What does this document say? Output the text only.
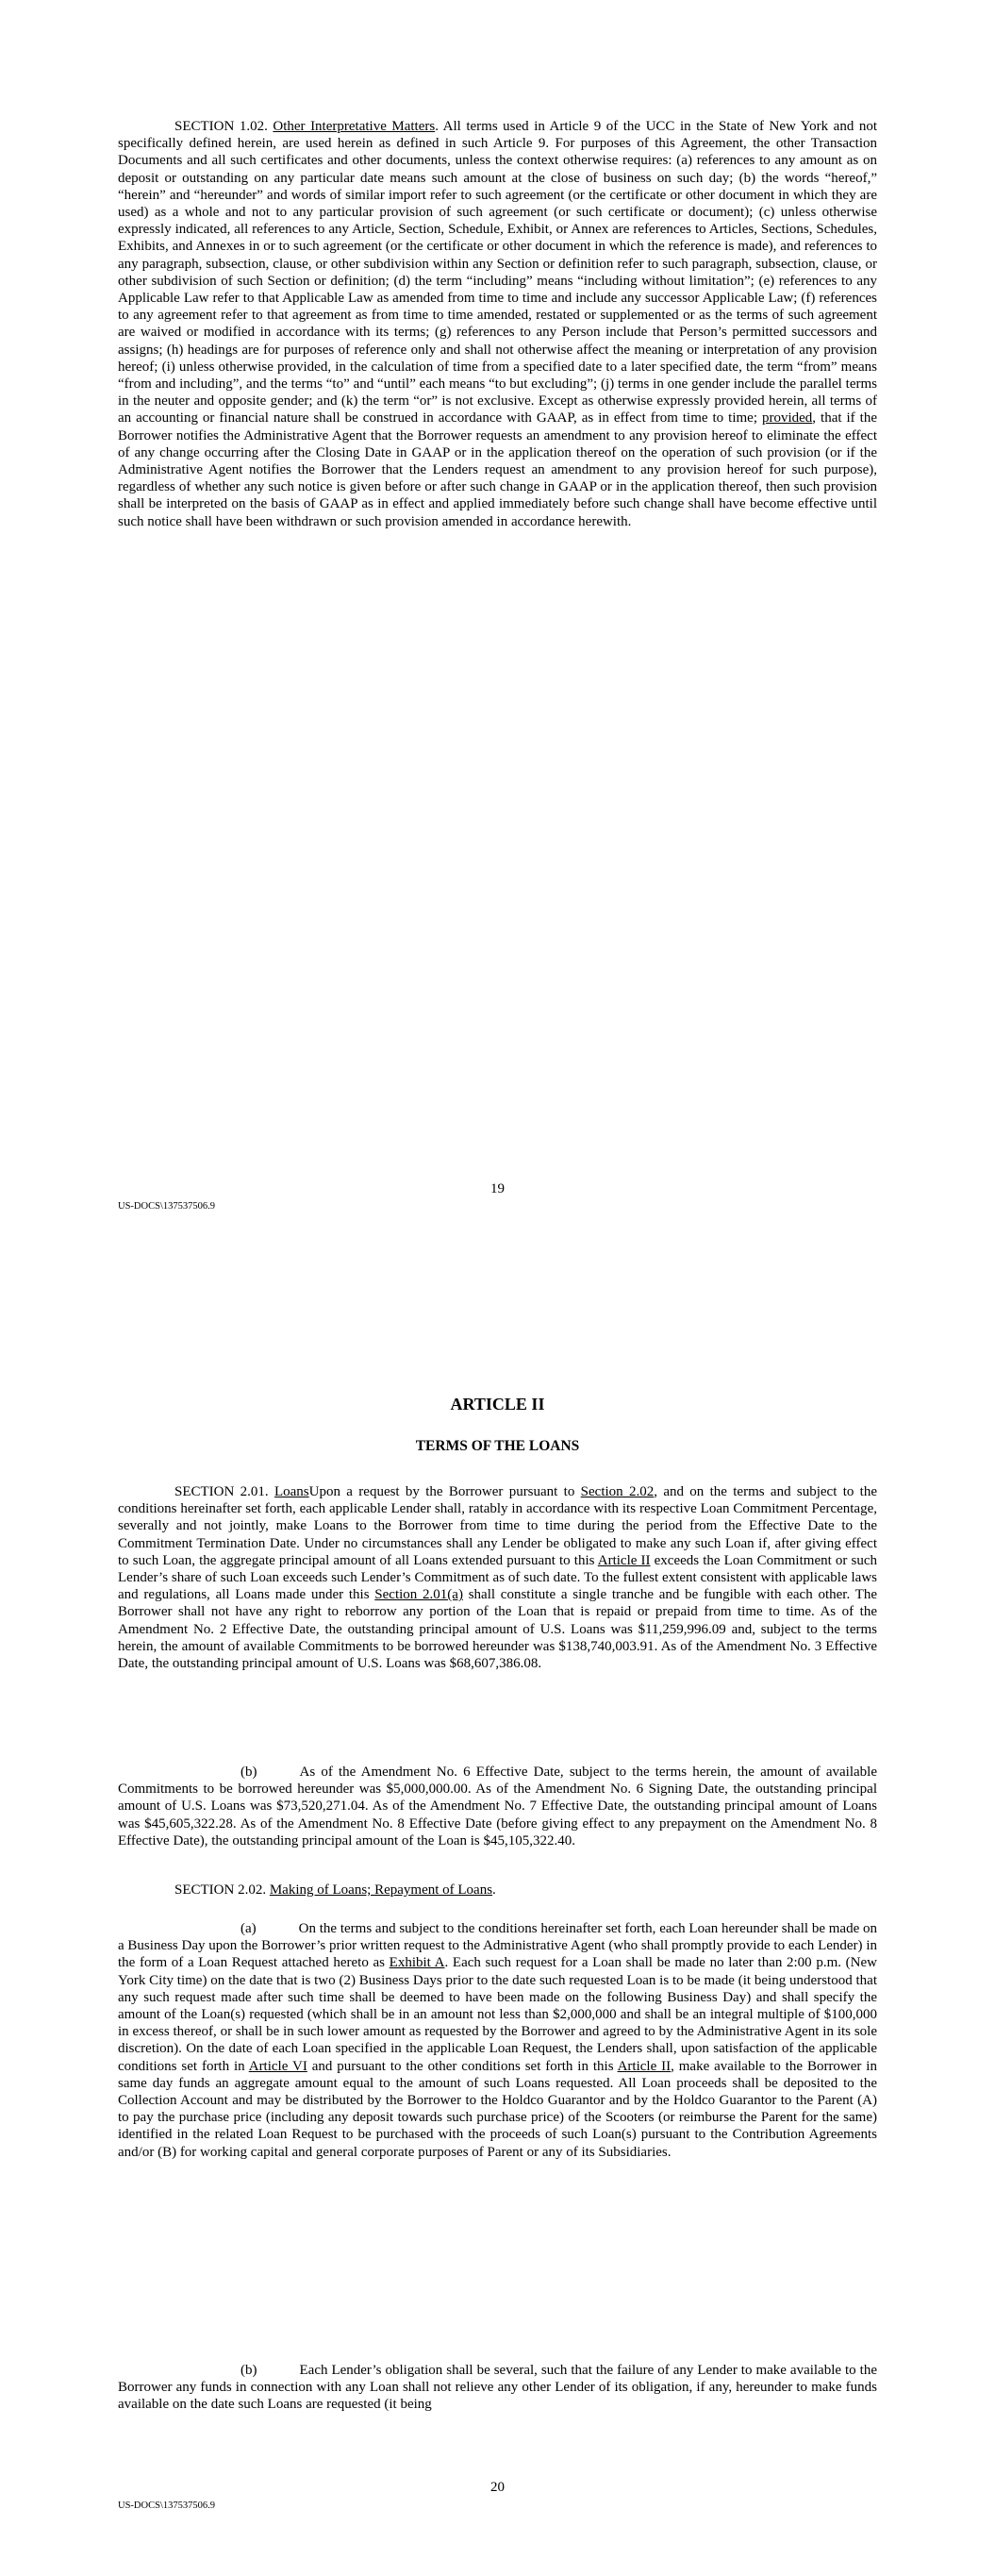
SECTION 1.02. Other Interpretative Matters. All terms used in Article 9 of the UCC in the State of New York and not specifically defined herein, are used herein as defined in such Article 9. For purposes of this Agreement, the other Transaction Documents and all such certificates and other documents, unless the context otherwise requires: (a) references to any amount as on deposit or outstanding on any particular date means such amount at the close of business on such day; (b) the words “hereof,” “herein” and “hereunder” and words of similar import refer to such agreement (or the certificate or other document in which they are used) as a whole and not to any particular provision of such agreement (or such certificate or document); (c) unless otherwise expressly indicated, all references to any Article, Section, Schedule, Exhibit, or Annex are references to Articles, Sections, Schedules, Exhibits, and Annexes in or to such agreement (or the certificate or other document in which the reference is made), and references to any paragraph, subsection, clause, or other subdivision within any Section or definition refer to such paragraph, subsection, clause, or other subdivision of such Section or definition; (d) the term “including” means “including without limitation”; (e) references to any Applicable Law refer to that Applicable Law as amended from time to time and include any successor Applicable Law; (f) references to any agreement refer to that agreement as from time to time amended, restated or supplemented or as the terms of such agreement are waived or modified in accordance with its terms; (g) references to any Person include that Person’s permitted successors and assigns; (h) headings are for purposes of reference only and shall not otherwise affect the meaning or interpretation of any provision hereof; (i) unless otherwise provided, in the calculation of time from a specified date to a later specified date, the term “from” means “from and including”, and the terms “to” and “until” each means “to but excluding”; (j) terms in one gender include the parallel terms in the neuter and opposite gender; and (k) the term “or” is not exclusive. Except as otherwise expressly provided herein, all terms of an accounting or financial nature shall be construed in accordance with GAAP, as in effect from time to time; provided, that if the Borrower notifies the Administrative Agent that the Borrower requests an amendment to any provision hereof to eliminate the effect of any change occurring after the Closing Date in GAAP or in the application thereof on the operation of such provision (or if the Administrative Agent notifies the Borrower that the Lenders request an amendment to any provision hereof for such purpose), regardless of whether any such notice is given before or after such change in GAAP or in the application thereof, then such provision shall be interpreted on the basis of GAAP as in effect and applied immediately before such change shall have become effective until such notice shall have been withdrawn or such provision amended in accordance herewith.

19
US-DOCS\137537506.9
ARTICLE II
TERMS OF THE LOANS

SECTION 2.01. LoansUpon a request by the Borrower pursuant to Section 2.02, and on the terms and subject to the conditions hereinafter set forth, each applicable Lender shall, ratably in accordance with its respective Loan Commitment Percentage, severally and not jointly, make Loans to the Borrower from time to time during the period from the Effective Date to the Commitment Termination Date. Under no circumstances shall any Lender be obligated to make any such Loan if, after giving effect to such Loan, the aggregate principal amount of all Loans extended pursuant to this Article II exceeds the Loan Commitment or such Lender’s share of such Loan exceeds such Lender’s Commitment as of such date. To the fullest extent consistent with applicable laws and regulations, all Loans made under this Section 2.01(a) shall constitute a single tranche and be fungible with each other. The Borrower shall not have any right to reborrow any portion of the Loan that is repaid or prepaid from time to time. As of the Amendment No. 2 Effective Date, the outstanding principal amount of U.S. Loans was $11,259,996.09 and, subject to the terms herein, the amount of available Commitments to be borrowed hereunder was $138,740,003.91. As of the Amendment No. 3 Effective Date, the outstanding principal amount of U.S. Loans was $68,607,386.08.

(b)	As of the Amendment No. 6 Effective Date, subject to the terms herein, the amount of available Commitments to be borrowed hereunder was $5,000,000.00. As of the Amendment No. 6 Signing Date, the outstanding principal amount of U.S. Loans was $73,520,271.04. As of the Amendment No. 7 Effective Date, the outstanding principal amount of Loans was $45,605,322.28. As of the Amendment No. 8 Effective Date (before giving effect to any prepayment on the Amendment No. 8 Effective Date), the outstanding principal amount of the Loan is $45,105,322.40.

SECTION 2.02. Making of Loans; Repayment of Loans.

(a)	On the terms and subject to the conditions hereinafter set forth, each Loan hereunder shall be made on a Business Day upon the Borrower’s prior written request to the Administrative Agent (who shall promptly provide to each Lender) in the form of a Loan Request attached hereto as Exhibit A. Each such request for a Loan shall be made no later than 2:00 p.m. (New York City time) on the date that is two (2) Business Days prior to the date such requested Loan is to be made (it being understood that any such request made after such time shall be deemed to have been made on the following Business Day) and shall specify the amount of the Loan(s) requested (which shall be in an amount not less than $2,000,000 and shall be an integral multiple of $100,000 in excess thereof, or shall be in such lower amount as requested by the Borrower and agreed to by the Administrative Agent in its sole discretion). On the date of each Loan specified in the applicable Loan Request, the Lenders shall, upon satisfaction of the applicable conditions set forth in Article VI and pursuant to the other conditions set forth in this Article II, make available to the Borrower in same day funds an aggregate amount equal to the amount of such Loans requested. All Loan proceeds shall be deposited to the Collection Account and may be distributed by the Borrower to the Holdco Guarantor and by the Holdco Guarantor to the Parent (A) to pay the purchase price (including any deposit towards such purchase price) of the Scooters (or reimburse the Parent for the same) identified in the related Loan Request to be purchased with the proceeds of such Loan(s) pursuant to the Contribution Agreements and/or (B) for working capital and general corporate purposes of Parent or any of its Subsidiaries.

(b)	Each Lender’s obligation shall be several, such that the failure of any Lender to make available to the Borrower any funds in connection with any Loan shall not relieve any other Lender of its obligation, if any, hereunder to make funds available on the date such Loans are requested (it being

20
US-DOCS\137537506.9
